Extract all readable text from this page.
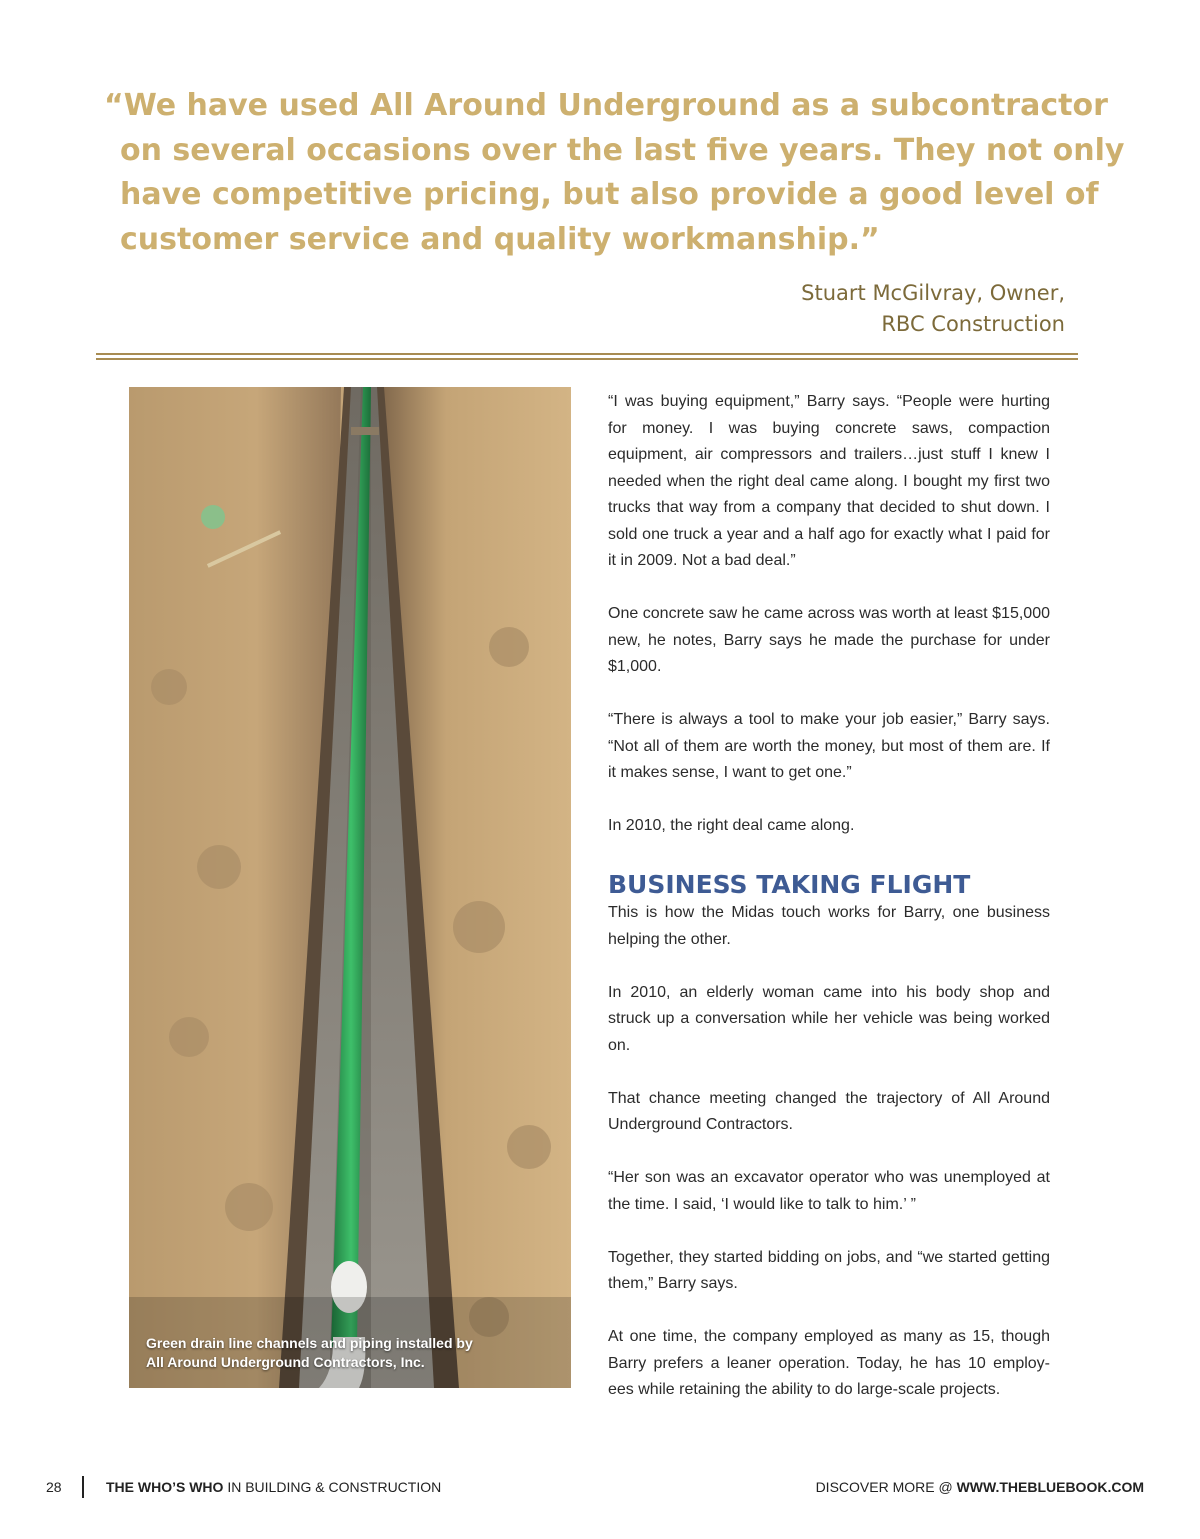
“We have used All Around Underground as a subcontractor
on several occasions over the last five years. They not only
have competitive pricing, but also provide a good level of
customer service and quality workmanship.”
Stuart McGilvray, Owner,
RBC Construction
Green drain line channels and piping installed by
All Around Underground Contractors, Inc.

“I was buying equipment,” Barry says. “People were hurting for money. I was buying concrete saws, compaction equipment, air compressors and trailers…just stuff I knew I needed when the right deal came along. I bought my first two trucks that way from a company that decided to shut down. I sold one truck a year and a half ago for exactly what I paid for it in 2009. Not a bad deal.”

One concrete saw he came across was worth at least $15,000 new, he notes, Barry says he made the purchase for under $1,000.

“There is always a tool to make your job easier,” Barry says. “Not all of them are worth the money, but most of them are. If it makes sense, I want to get one.”

In 2010, the right deal came along.

BUSINESS TAKING FLIGHT

This is how the Midas touch works for Barry, one business helping the other.

In 2010, an elderly woman came into his body shop and struck up a conversation while her vehicle was being worked on.

That chance meeting changed the trajectory of All Around Underground Contractors.

“Her son was an excavator operator who was unemployed at the time. I said, ‘I would like to talk to him.’ ”

Together, they started bidding on jobs, and “we started getting them,” Barry says.

At one time, the company employed as many as 15, though Barry prefers a leaner operation. Today, he has 10 employ-ees while retaining the ability to do large-scale projects.

28	THE WHO’S WHO IN BUILDING & CONSTRUCTION	DISCOVER MORE @ WWW.THEBLUEBOOK.COM
